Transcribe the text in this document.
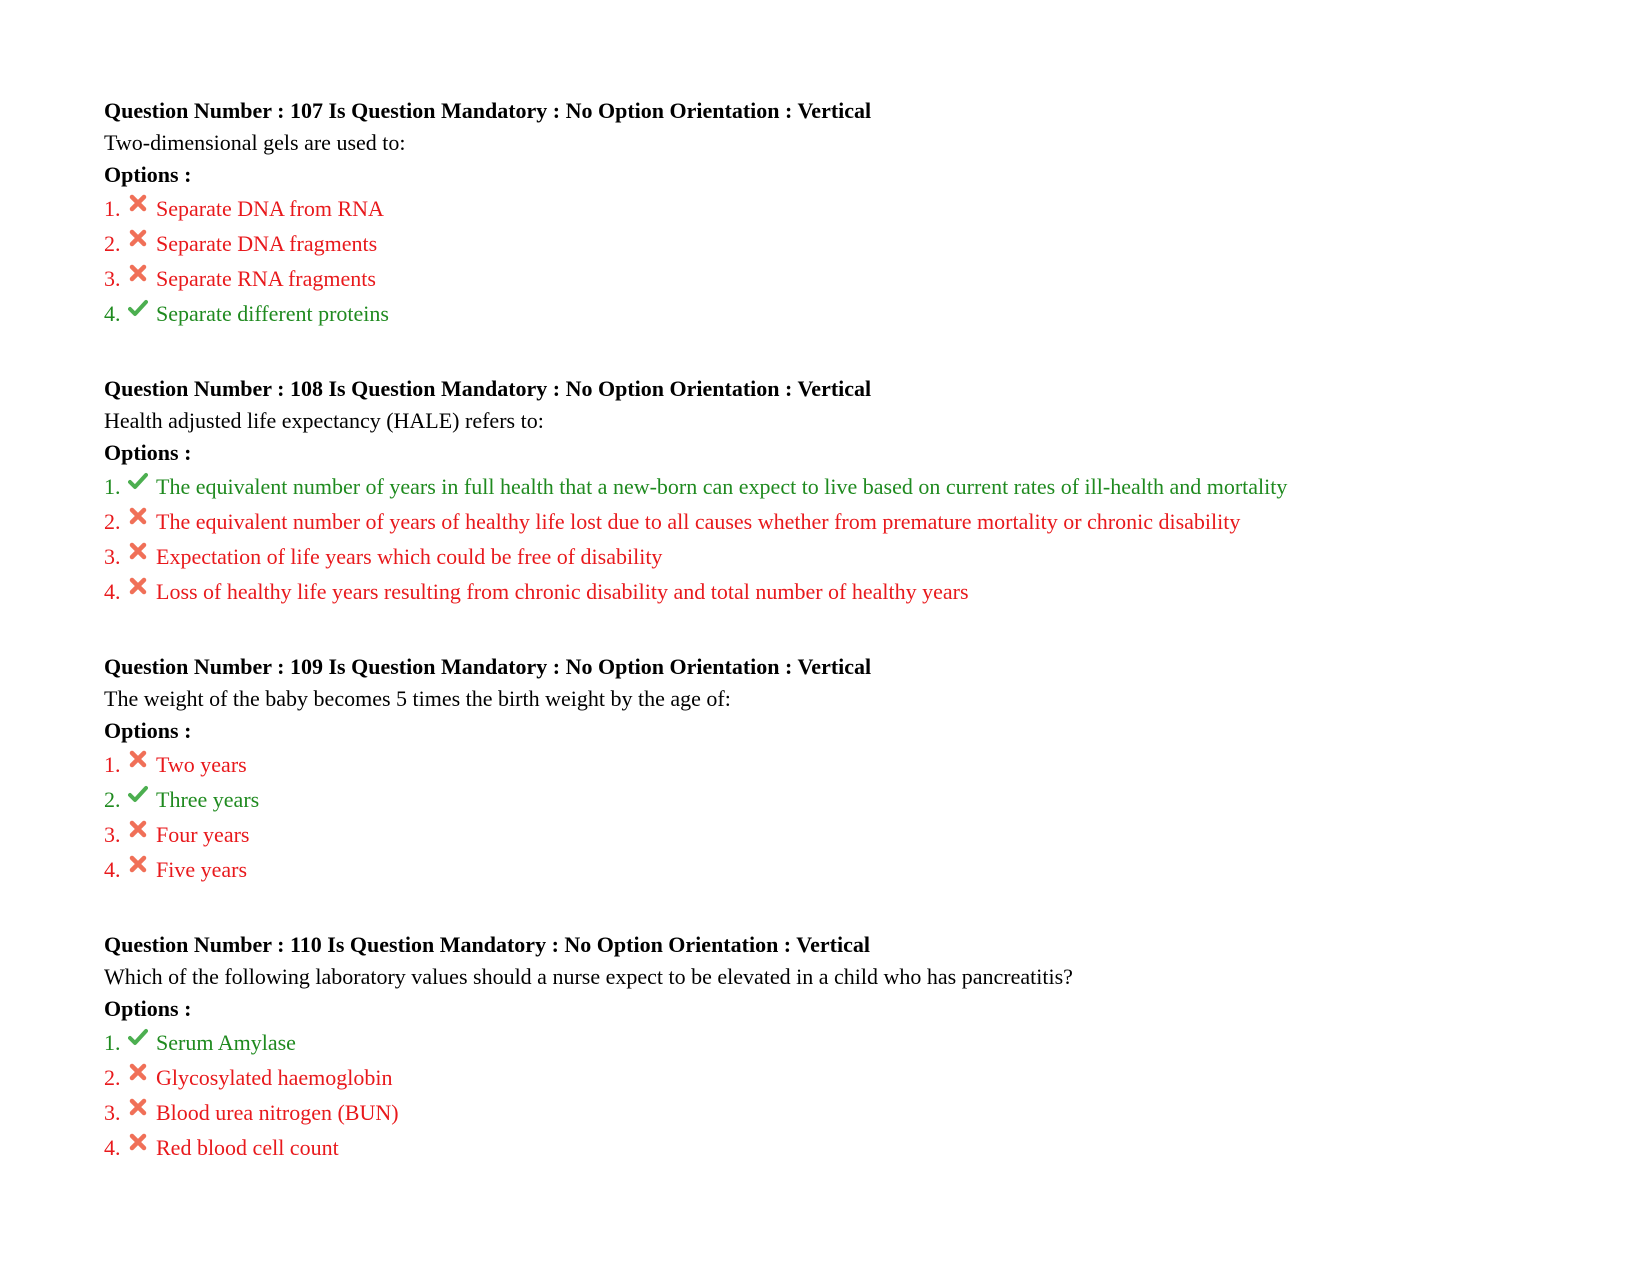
Question Number : 107 Is Question Mandatory : No Option Orientation : Vertical
Two-dimensional gels are used to:
Options :
1.	Separate DNA from RNA
2.	Separate DNA fragments
3.	Separate RNA fragments
4.	Separate different proteins
Question Number : 108 Is Question Mandatory : No Option Orientation : Vertical
Health adjusted life expectancy (HALE) refers to:
Options :
1.	The equivalent number of years in full health that a new-born can expect to live based on current rates of ill-health and mortality
2.	The equivalent number of years of healthy life lost due to all causes whether from premature mortality or chronic disability
3.	Expectation of life years which could be free of disability
4.	Loss of healthy life years resulting from chronic disability and total number of healthy years
Question Number : 109 Is Question Mandatory : No Option Orientation : Vertical
The weight of the baby becomes 5 times the birth weight by the age of:
Options :
1.	Two years
2.	Three years
3.	Four years
4.	Five years
Question Number : 110 Is Question Mandatory : No Option Orientation : Vertical
Which of the following laboratory values should a nurse expect to be elevated in a child who has pancreatitis?
Options :
1.	Serum Amylase
2.	Glycosylated haemoglobin
3.	Blood urea nitrogen (BUN)
4.	Red blood cell count
